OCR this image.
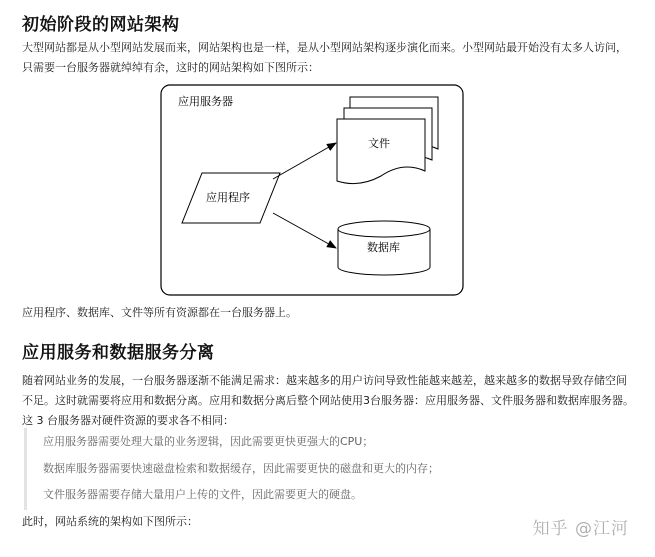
初始阶段的网站架构

大型网站都是从小型网站发展而来，网站架构也是一样，是从小型网站架构逐步演化而来。小型网站最开始没有太多人访问，只需要一台服务器就绰绰有余，这时的网站架构如下图所示：

应用服务器
文件
应用程序
数据库

应用程序、数据库、文件等所有资源都在一台服务器上。

应用服务和数据服务分离

随着网站业务的发展，一台服务器逐渐不能满足需求：越来越多的用户访问导致性能越来越差，越来越多的数据导致存储空间不足。这时就需要将应用和数据分离。应用和数据分离后整个网站使用3台服务器：应用服务器、文件服务器和数据库服务器。这 3 台服务器对硬件资源的要求各不相同：

应用服务器需要处理大量的业务逻辑，因此需要更快更强大的CPU；
数据库服务器需要快速磁盘检索和数据缓存，因此需要更快的磁盘和更大的内存；
文件服务器需要存储大量用户上传的文件，因此需要更大的硬盘。

此时，网站系统的架构如下图所示：	知乎 @江河
